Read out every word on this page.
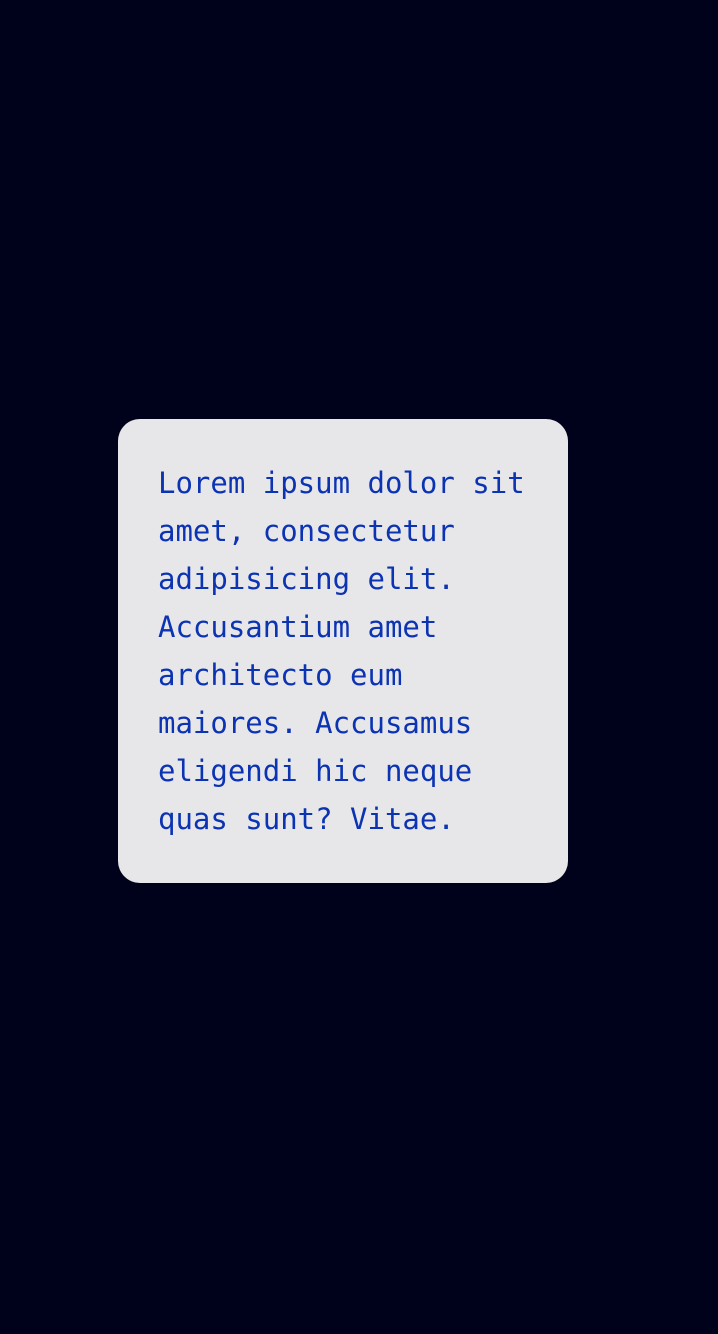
Lorem ipsum dolor sit amet, consectetur adipisicing elit. Accusantium amet architecto eum maiores. Accusamus eligendi hic neque quas sunt? Vitae.
